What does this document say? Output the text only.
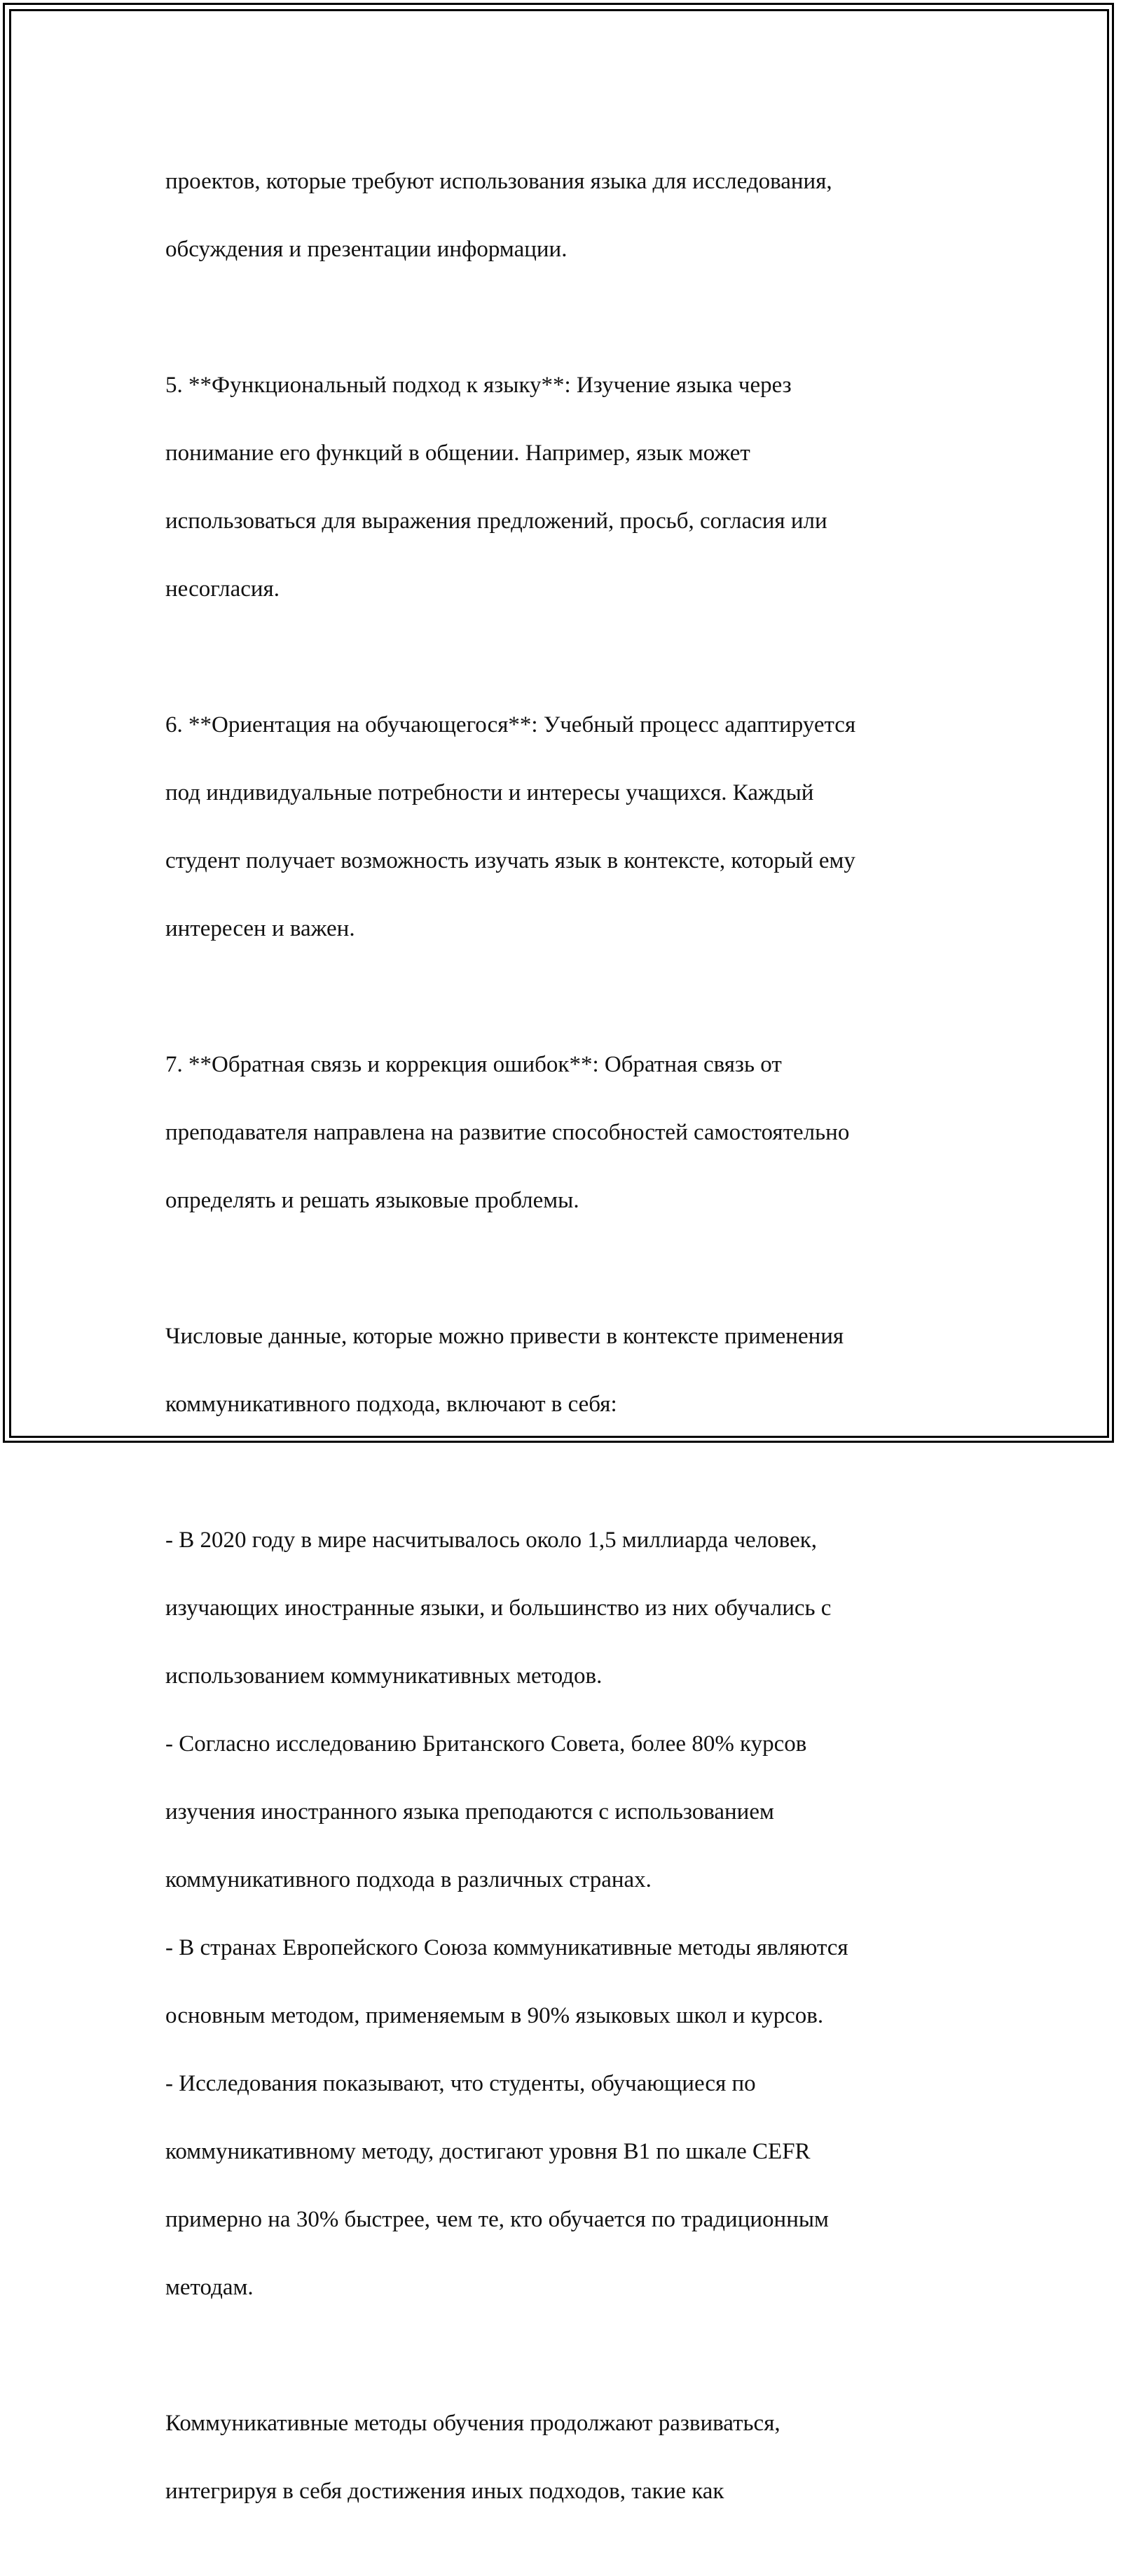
проектов, которые требуют использования языка для исследования,

обсуждения и презентации информации.

5. **Функциональный подход к языку**: Изучение языка через

понимание его функций в общении. Например, язык может

использоваться для выражения предложений, просьб, согласия или

несогласия.

6. **Ориентация на обучающегося**: Учебный процесс адаптируется

под индивидуальные потребности и интересы учащихся. Каждый

студент получает возможность изучать язык в контексте, который ему

интересен и важен.

7. **Обратная связь и коррекция ошибок**: Обратная связь от

преподавателя направлена на развитие способностей самостоятельно

определять и решать языковые проблемы.

Числовые данные, которые можно привести в контексте применения

коммуникативного подхода, включают в себя:

- В 2020 году в мире насчитывалось около 1,5 миллиарда человек,

изучающих иностранные языки, и большинство из них обучались с

использованием коммуникативных методов.

- Согласно исследованию Британского Совета, более 80% курсов

изучения иностранного языка преподаются с использованием

коммуникативного подхода в различных странах.

- В странах Европейского Союза коммуникативные методы являются

основным методом, применяемым в 90% языковых школ и курсов.

- Исследования показывают, что студенты, обучающиеся по

коммуникативному методу, достигают уровня B1 по шкале CEFR

примерно на 30% быстрее, чем те, кто обучается по традиционным

методам.

Коммуникативные методы обучения продолжают развиваться,

интегрируя в себя достижения иных подходов, такие как
